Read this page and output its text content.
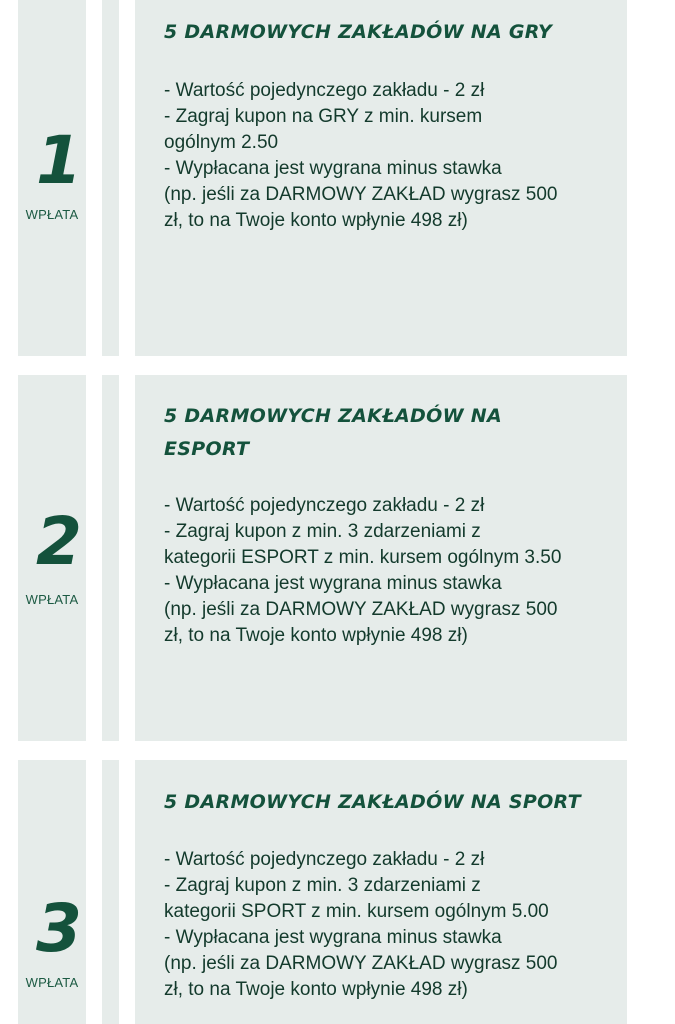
1
WPŁATA
5 DARMOWYCH ZAKŁADÓW NA GRY
- Wartość pojedynczego zakładu - 2 zł
- Zagraj kupon na GRY z min. kursem
ogólnym 2.50
- Wypłacana jest wygrana minus stawka
(np. jeśli za DARMOWY ZAKŁAD wygrasz 500
zł, to na Twoje konto wpłynie 498 zł)
2
WPŁATA
5 DARMOWYCH ZAKŁADÓW NA ESPORT
- Wartość pojedynczego zakładu - 2 zł
- Zagraj kupon z min. 3 zdarzeniami z
kategorii ESPORT z min. kursem ogólnym 3.50
- Wypłacana jest wygrana minus stawka
(np. jeśli za DARMOWY ZAKŁAD wygrasz 500
zł, to na Twoje konto wpłynie 498 zł)
3
WPŁATA
5 DARMOWYCH ZAKŁADÓW NA SPORT
- Wartość pojedynczego zakładu - 2 zł
- Zagraj kupon z min. 3 zdarzeniami z
kategorii SPORT z min. kursem ogólnym 5.00
- Wypłacana jest wygrana minus stawka
(np. jeśli za DARMOWY ZAKŁAD wygrasz 500
zł, to na Twoje konto wpłynie 498 zł)
